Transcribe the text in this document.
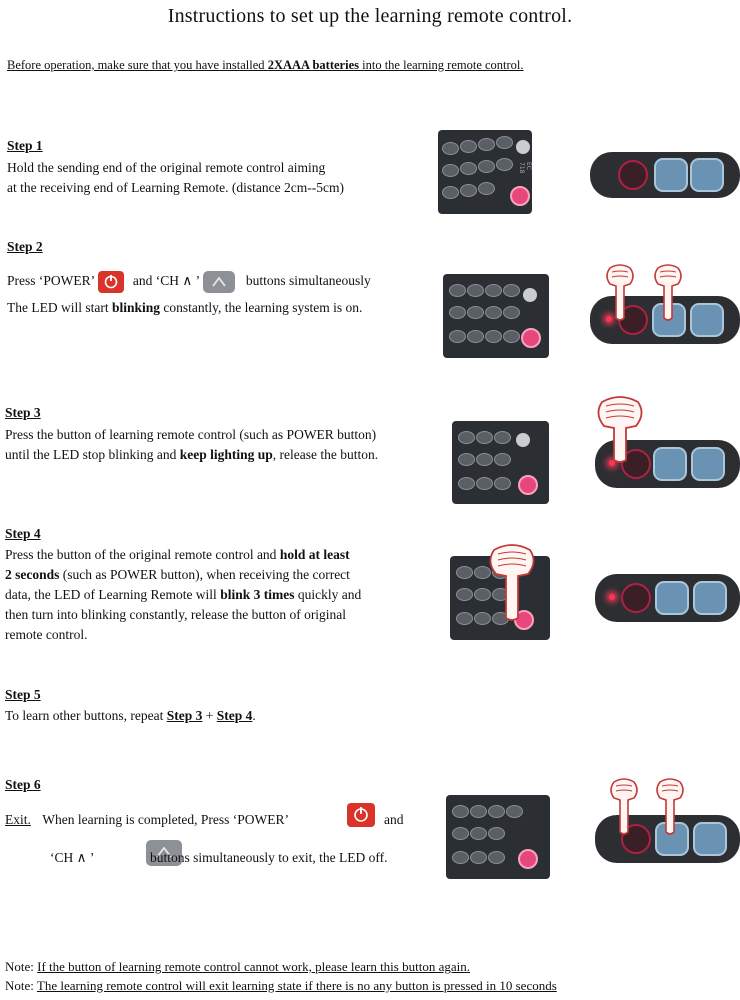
Instructions to set up the learning remote control.
Before operation, make sure that you have installed 2XAAA batteries into the learning remote control.
Step 1
Hold the sending end of the original remote control aiming
at the receiving end of Learning Remote. (distance 2cm--5cm)
EC 718
Step 2
Press ‘POWER’	and ‘CH ∧ ’	buttons simultaneously
The LED will start blinking constantly, the learning system is on.
Step 3
Press the button of learning remote control (such as POWER button)
until the LED stop blinking and keep lighting up, release the button.
Step 4
Press the button of the original remote control and hold at least
2 seconds (such as POWER button), when receiving the correct
data, the LED of Learning Remote will blink 3 times quickly and
then turn into blinking constantly, release the button of original
remote control.
Step 5
To learn other buttons, repeat Step 3 + Step 4.
Step 6
Exit. When learning is completed, Press ‘POWER’
	and
‘CH ∧ ’	buttons simultaneously to exit, the LED off.
Note: If the button of learning remote control cannot work, please learn this button again.
Note: The learning remote control will exit learning state if there is no any button is pressed in 10 seconds
